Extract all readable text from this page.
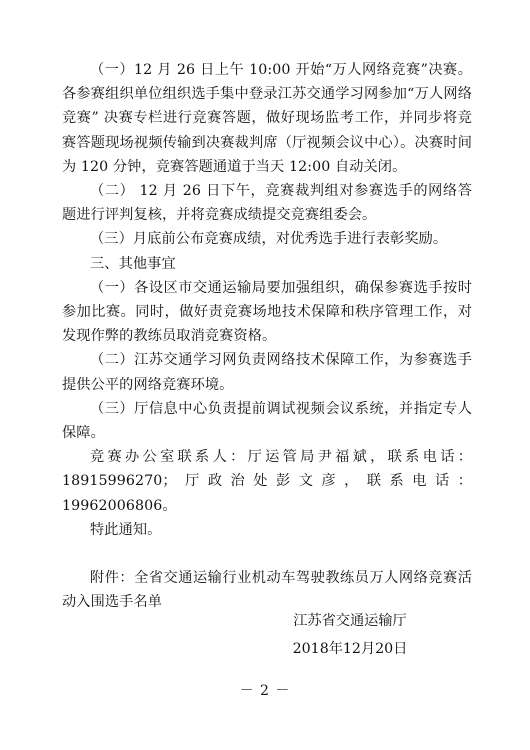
（一）12 月 26 日上午 10:00 开始“万人网络竞赛”决赛。各参赛组织单位组织选手集中登录江苏交通学习网参加“万人网络竞赛” 决赛专栏进行竞赛答题，做好现场监考工作，并同步将竞赛答题现场视频传输到决赛裁判席（厅视频会议中心）。决赛时间为 120 分钟，竞赛答题通道于当天 12:00 自动关闭。

（二） 12 月 26 日下午，竞赛裁判组对参赛选手的网络答题进行评判复核，并将竞赛成绩提交竞赛组委会。

（三）月底前公布竞赛成绩，对优秀选手进行表彰奖励。

三、其他事宜

（一）各设区市交通运输局要加强组织，确保参赛选手按时参加比赛。同时，做好责竞赛场地技术保障和秩序管理工作，对发现作弊的教练员取消竞赛资格。

（二）江苏交通学习网负责网络技术保障工作，为参赛选手提供公平的网络竞赛环境。

（三）厅信息中心负责提前调试视频会议系统，并指定专人保障。

竞赛办公室联系人：厅运管局尹福斌，联系电话：18915996270；厅政治处彭文彦，联系电话：19962006806。

特此通知。

附件：全省交通运输行业机动车驾驶教练员万人网络竞赛活动入围选手名单

江苏省交通运输厅
2018年12月20日
－ 2 －
